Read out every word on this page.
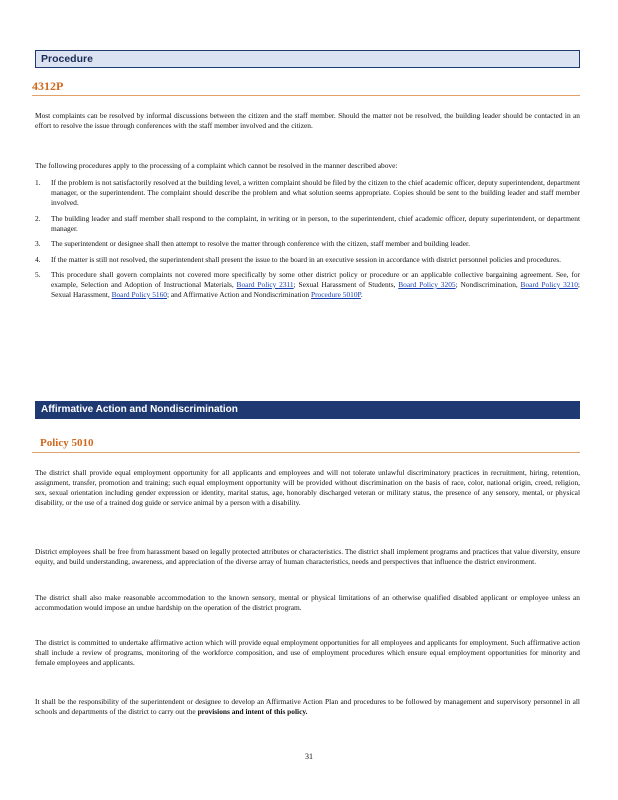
Procedure
4312P

Most complaints can be resolved by informal discussions between the citizen and the staff member. Should the matter not be resolved, the building leader should be contacted in an effort to resolve the issue through conferences with the staff member involved and the citizen.

The following procedures apply to the processing of a complaint which cannot be resolved in the manner described above:

1. If the problem is not satisfactorily resolved at the building level, a written complaint should be filed by the citizen to the chief academic officer, deputy superintendent, department manager, or the superintendent. The complaint should describe the problem and what solution seems appropriate. Copies should be sent to the building leader and staff member involved.
2. The building leader and staff member shall respond to the complaint, in writing or in person, to the superintendent, chief academic officer, deputy superintendent, or department manager.
3. The superintendent or designee shall then attempt to resolve the matter through conference with the citizen, staff member and building leader.
4. If the matter is still not resolved, the superintendent shall present the issue to the board in an executive session in accordance with district personnel policies and procedures.
5. This procedure shall govern complaints not covered more specifically by some other district policy or procedure or an applicable collective bargaining agreement. See, for example, Selection and Adoption of Instructional Materials, Board Policy 2311; Sexual Harassment of Students, Board Policy 3205; Nondiscrimination, Board Policy 3210; Sexual Harassment, Board Policy 5160; and Affirmative Action and Nondiscrimination Procedure 5010P.
Affirmative Action and Nondiscrimination
Policy 5010

The district shall provide equal employment opportunity for all applicants and employees and will not tolerate unlawful discriminatory practices in recruitment, hiring, retention, assignment, transfer, promotion and training; such equal employment opportunity will be provided without discrimination on the basis of race, color, national origin, creed, religion, sex, sexual orientation including gender expression or identity, marital status, age, honorably discharged veteran or military status, the presence of any sensory, mental, or physical disability, or the use of a trained dog guide or service animal by a person with a disability.

District employees shall be free from harassment based on legally protected attributes or characteristics. The district shall implement programs and practices that value diversity, ensure equity, and build understanding, awareness, and appreciation of the diverse array of human characteristics, needs and perspectives that influence the district environment.

The district shall also make reasonable accommodation to the known sensory, mental or physical limitations of an otherwise qualified disabled applicant or employee unless an accommodation would impose an undue hardship on the operation of the district program.

The district is committed to undertake affirmative action which will provide equal employment opportunities for all employees and applicants for employment. Such affirmative action shall include a review of programs, monitoring of the workforce composition, and use of employment procedures which ensure equal employment opportunities for minority and female employees and applicants.

It shall be the responsibility of the superintendent or designee to develop an Affirmative Action Plan and procedures to be followed by management and supervisory personnel in all schools and departments of the district to carry out the provisions and intent of this policy.

31
